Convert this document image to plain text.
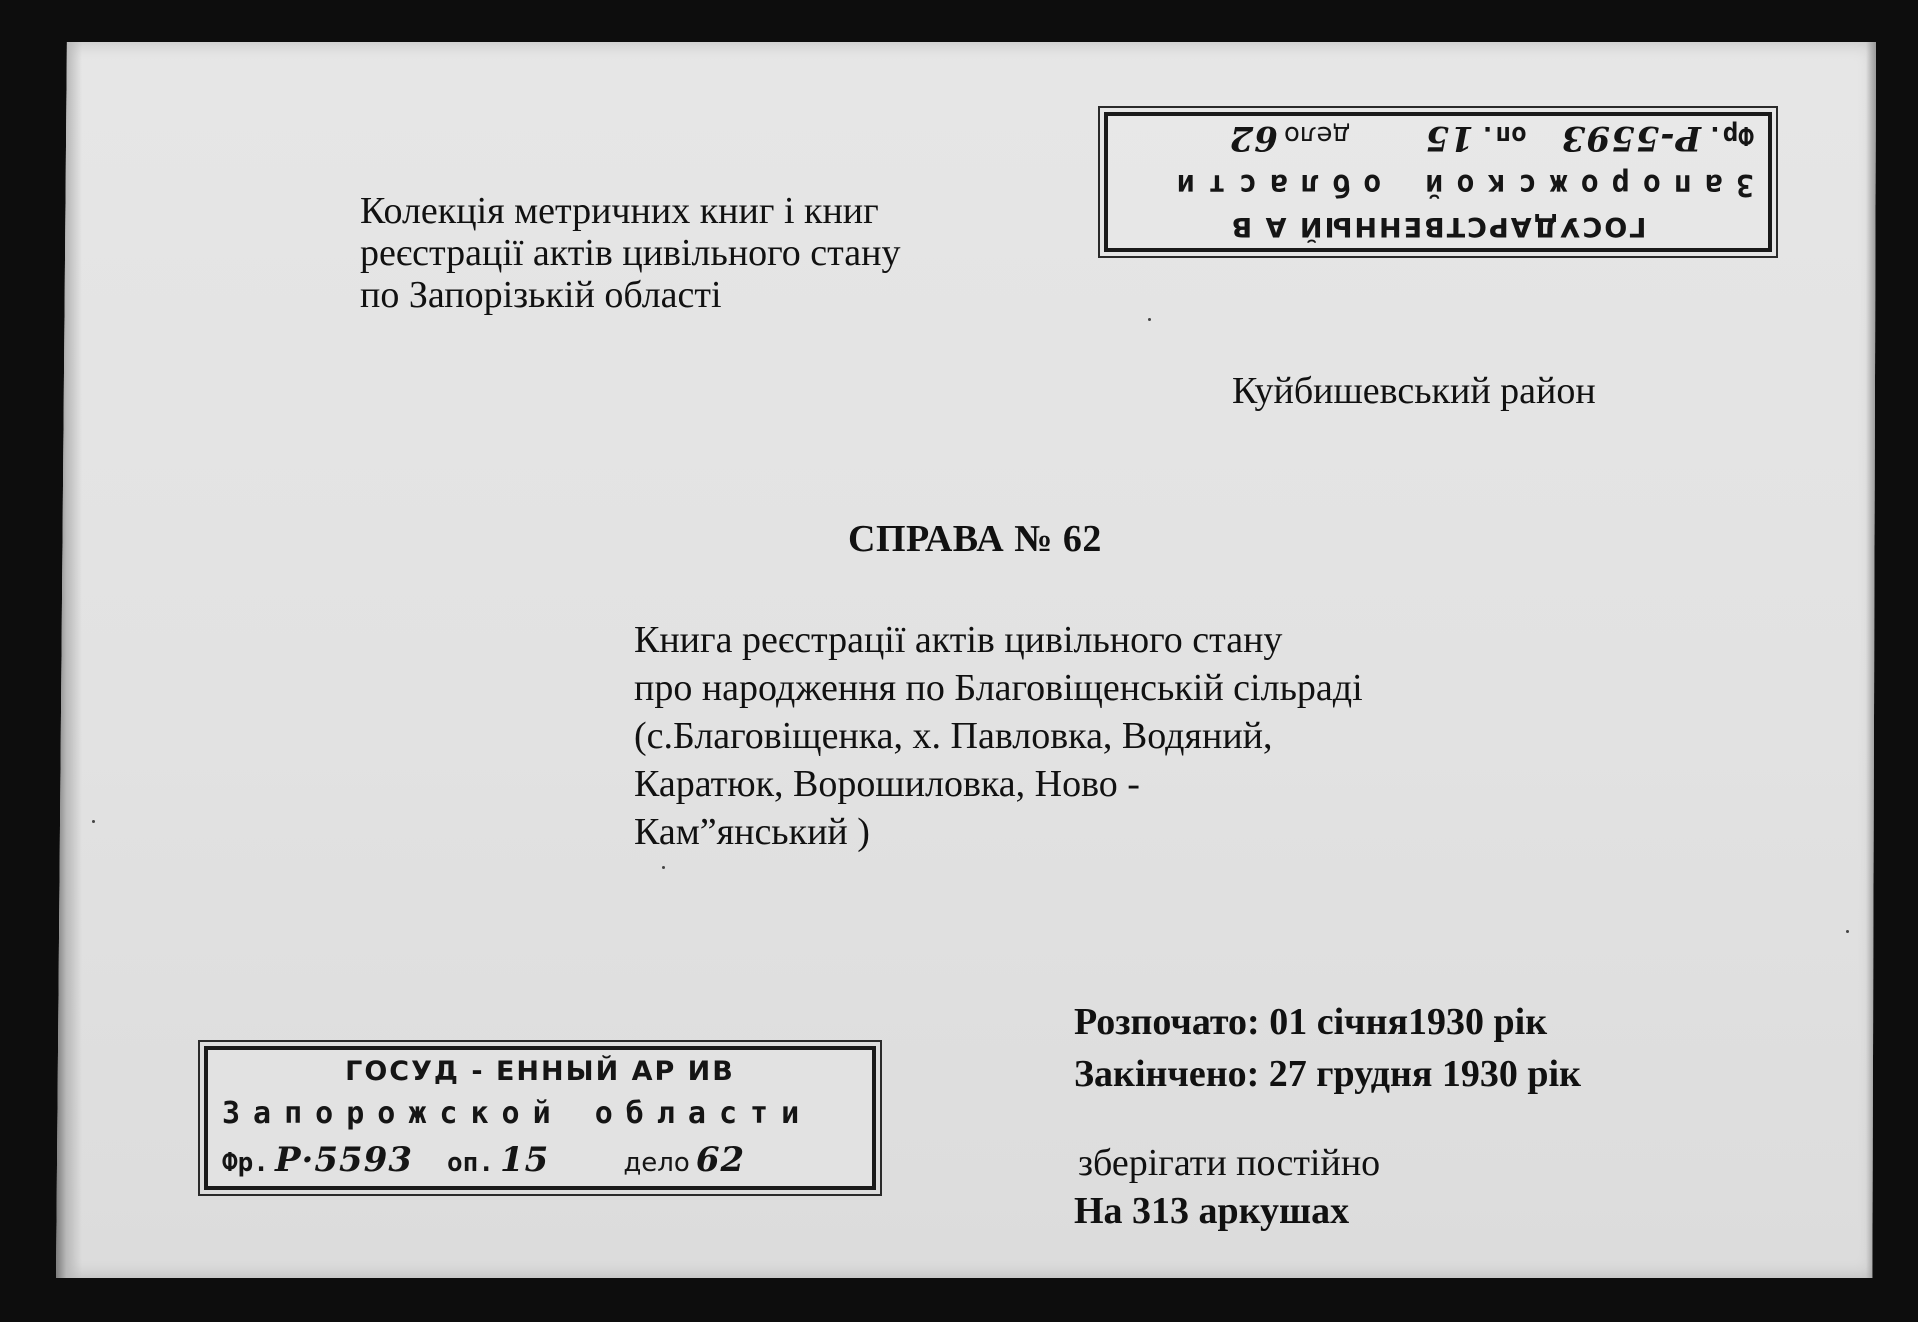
ГОСУДАРСТВЕННЫЙ А В
Запорожской области
Фр.Р-5593оп.15дело62
Колекція метричних книг і книг
реєстрації актів цивільного стану
по Запорізькій області
Куйбишевський район
СПРАВА № 62
Книга реєстрації актів цивільного стану
про народження по Благовіщенській сільраді
(с.Благовіщенка, х. Павловка, Водяний,
Каратюк, Ворошиловка, Ново -
Кам”янський )
Розпочато: 01 січня1930 рік
Закінчено: 27 грудня 1930 рік
зберігати постійно
На 313 аркушах
ГОСУД - ЕННЫЙ АР ИВ
Запорожской области
Фр. Р·5593 оп. 15	дело 62
